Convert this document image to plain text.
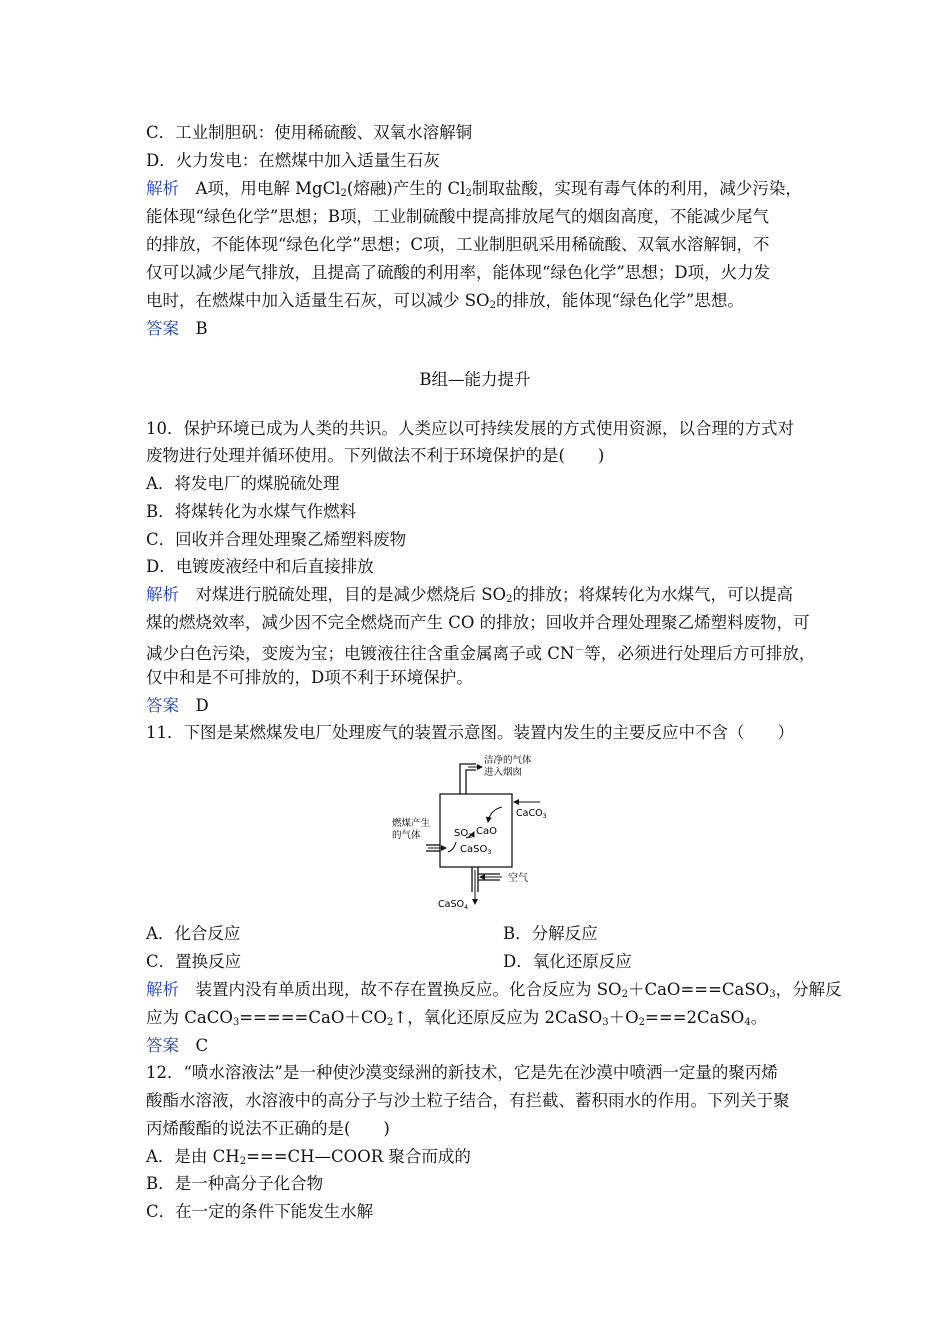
C．工业制胆矾：使用稀硫酸、双氧水溶解铜
D．火力发电：在燃煤中加入适量生石灰
解析　A项，用电解 MgCl$_2$(熔融)产生的 $Cl_2$制取盐酸，实现有毒气体的利用，减少污染，
能体现“绿色化学”思想；B项，工业制硫酸中提高排放尾气的烟囱高度，不能减少尾气
的排放，不能体现“绿色化学”思想；C项，工业制胆矾采用稀硫酸、双氧水溶解铜，不
仅可以减少尾气排放，且提高了硫酸的利用率，能体现“绿色化学”思想；D项，火力发
电时，在燃煤中加入适量生石灰，可以减少 $SO_2$的排放，能体现“绿色化学”思想。
答案　B
B组—能力提升
10．保护环境已成为人类的共识。人类应以可持续发展的方式使用资源，以合理的方式对
废物进行处理并循环使用。下列做法不利于环境保护的是(　　)
A．将发电厂的煤脱硫处理
B．将煤转化为水煤气作燃料
C．回收并合理处理聚乙烯塑料废物
D．电镀废液经中和后直接排放
解析　对煤进行脱硫处理，目的是减少燃烧后 $SO_2$的排放；将煤转化为水煤气，可以提高
煤的燃烧效率，减少因不完全燃烧而产生 CO 的排放；回收并合理处理聚乙烯塑料废物，可
减少白色污染，变废为宝；电镀液往往含重金属离子或 CN－等，必须进行处理后方可排放，
仅中和是不可排放的，D项不利于环境保护。
答案　D
11．下图是某燃煤发电厂处理废气的装置示意图。装置内发生的主要反应中不含（　　）
洁净的气体
进入烟囱
CaCO$_3$
CaO
$SO_2$
CaSO$_3$
燃煤产生
的气体
CaSO$_4$
空气
A．化合反应	B．分解反应
C．置换反应	D．氧化还原反应
解析　装置内没有单质出现，故不存在置换反应。化合反应为 $SO_2+CaO===CaSO_3$，分解反
应为 $CaCO_3=====CaO+CO_2↑$，氧化还原反应为 $2CaSO_3+O_2===2CaSO_4$。
答案　C
12．“喷水溶液法”是一种使沙漠变绿洲的新技术，它是先在沙漠中喷洒一定量的聚丙烯
酸酯水溶液，水溶液中的高分子与沙土粒子结合，有拦截、蓄积雨水的作用。下列关于聚
丙烯酸酯的说法不正确的是(　　)
A．是由 $CH_2===CH—COOR$ 聚合而成的
B．是一种高分子化合物
C．在一定的条件下能发生水解
